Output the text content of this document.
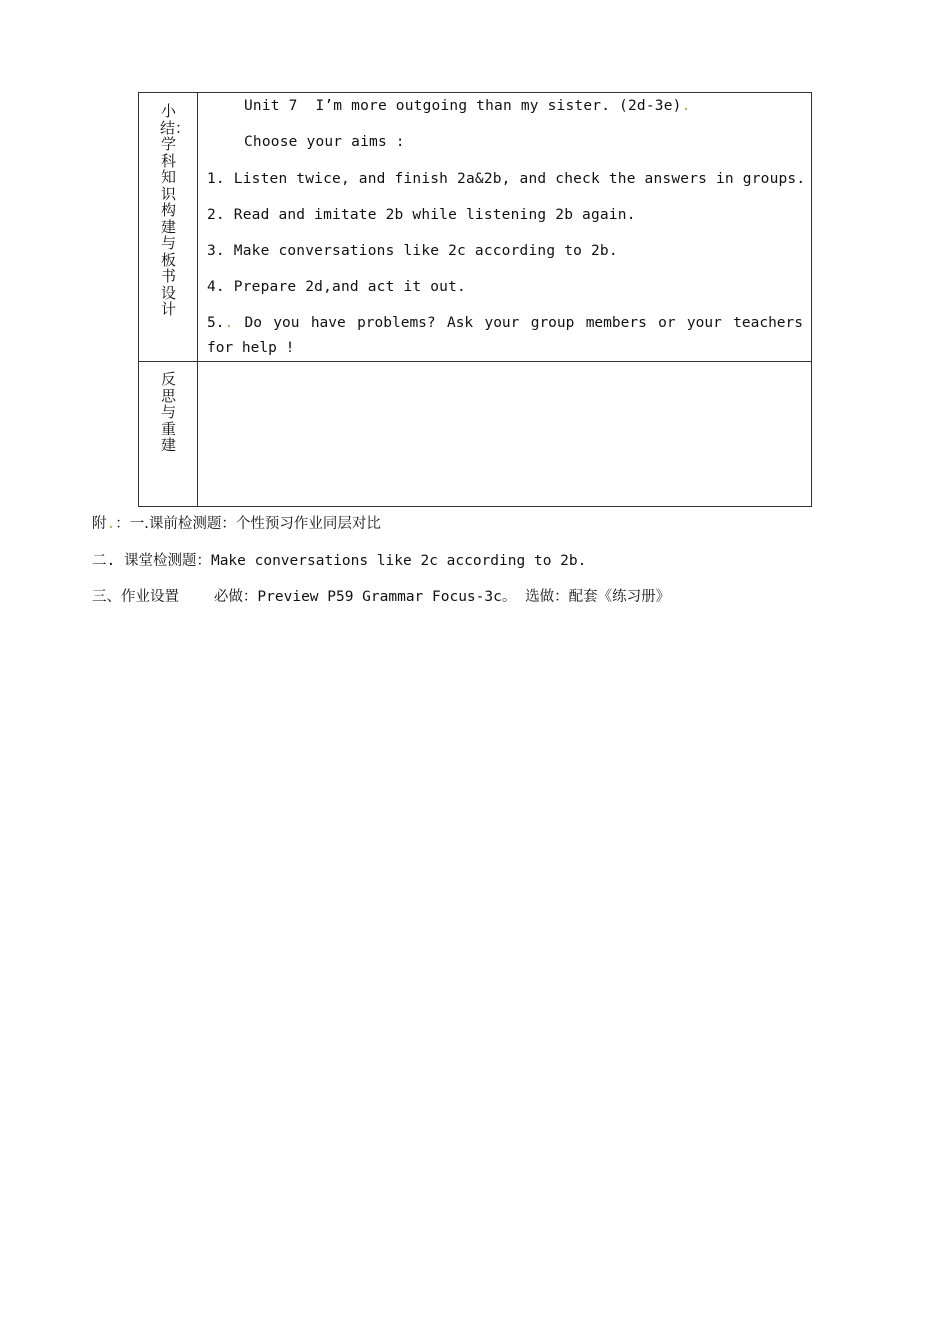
小结：学科知识构建与板书设计
Unit 7  I’m more outgoing than my sister. (2d-3e).
Choose your aims :
1. Listen twice, and finish 2a&2b, and check the answers in groups.
2. Read and imitate 2b while listening 2b again.
3. Make conversations like 2c according to 2b.
4. Prepare 2d,and act it out.
5.. Do you have problems? Ask your group members or your teachers for help !
反思与重建
附.：一.课前检测题：个性预习作业同层对比
二. 课堂检测题：Make conversations like 2c according to 2b.
三、作业设置    必做：Preview P59 Grammar Focus-3c。 选做：配套《练习册》
